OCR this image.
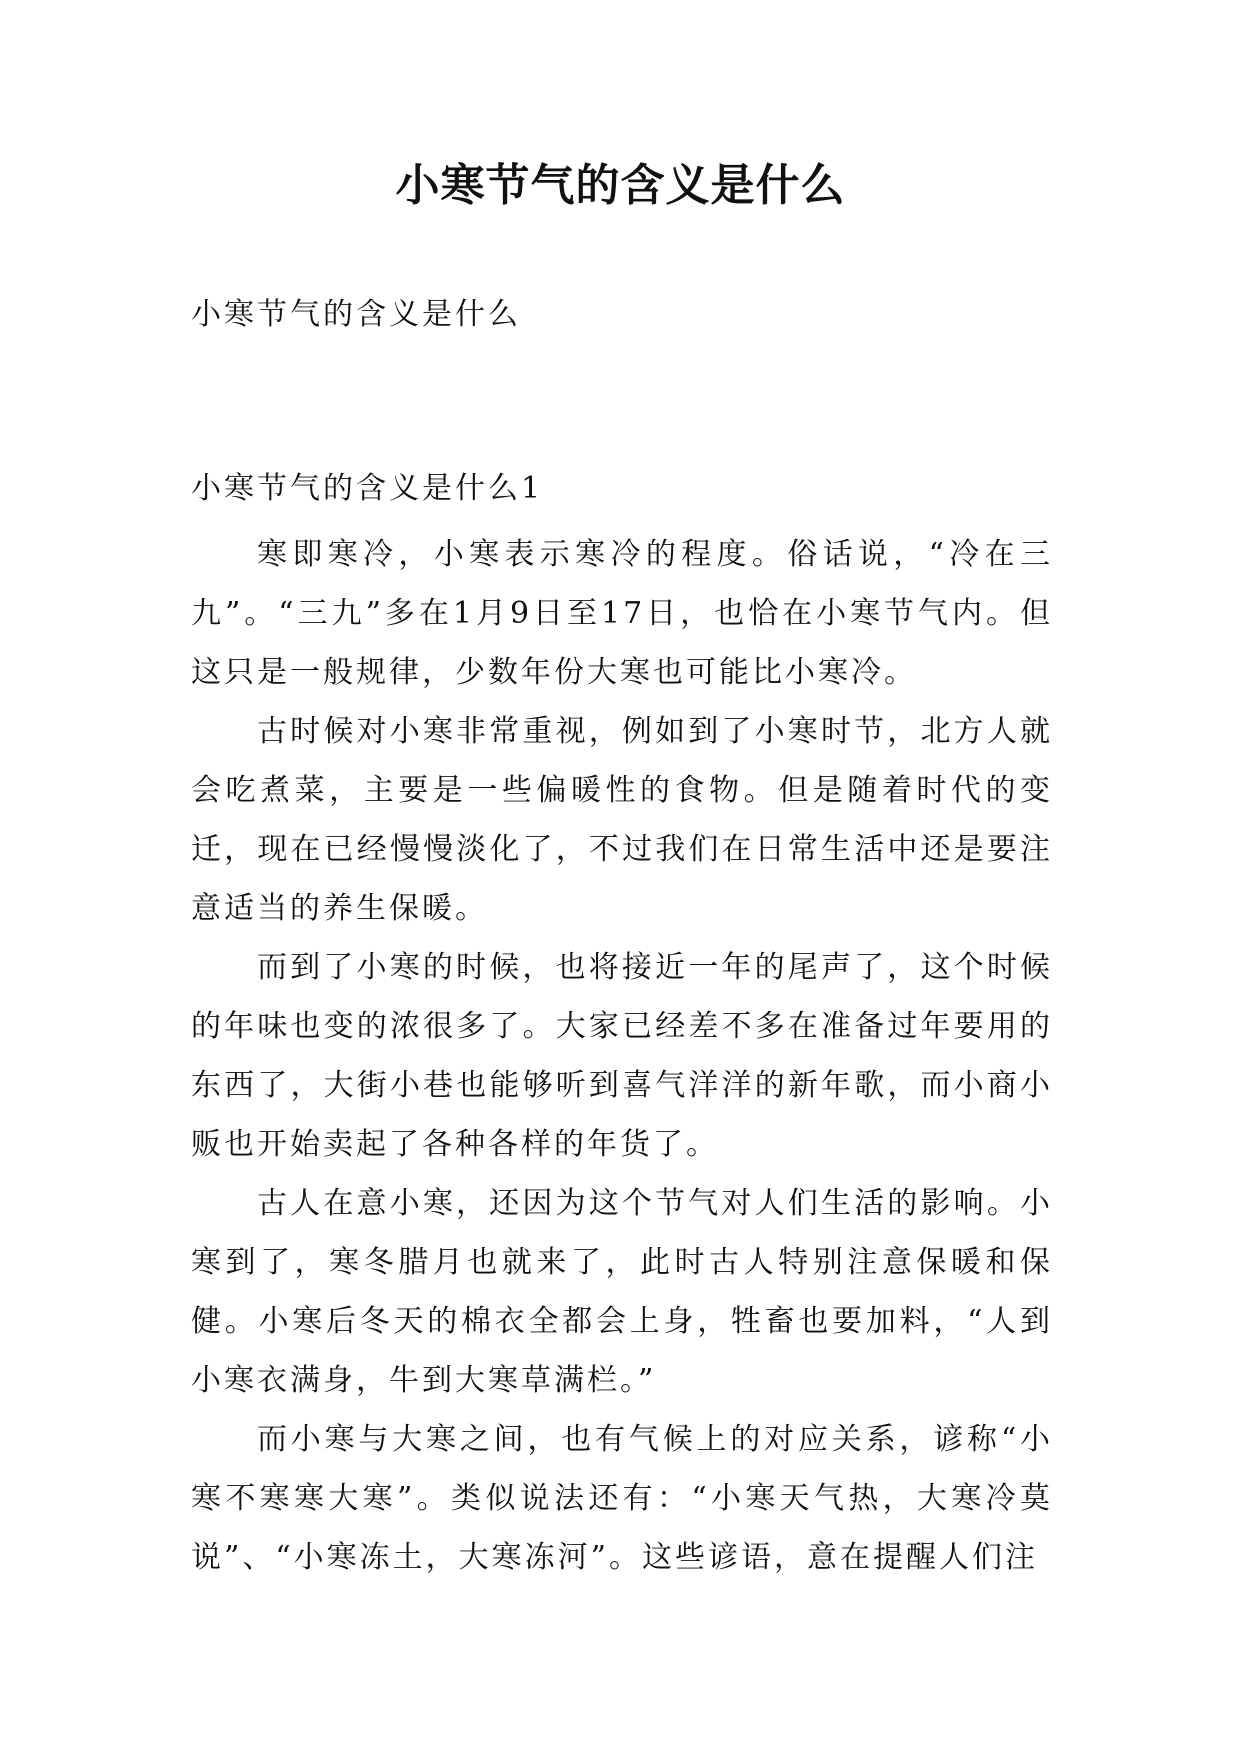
小寒节气的含义是什么

小寒节气的含义是什么

小寒节气的含义是什么1

寒即寒冷，小寒表示寒冷的程度。俗话说，“冷在三九”。“三九”多在1月9日至17日，也恰在小寒节气内。但这只是一般规律，少数年份大寒也可能比小寒冷。

古时候对小寒非常重视，例如到了小寒时节，北方人就会吃煮菜，主要是一些偏暖性的食物。但是随着时代的变迁，现在已经慢慢淡化了，不过我们在日常生活中还是要注意适当的养生保暖。

而到了小寒的时候，也将接近一年的尾声了，这个时候的年味也变的浓很多了。大家已经差不多在准备过年要用的东西了，大街小巷也能够听到喜气洋洋的新年歌，而小商小贩也开始卖起了各种各样的年货了。

古人在意小寒，还因为这个节气对人们生活的影响。小寒到了，寒冬腊月也就来了，此时古人特别注意保暖和保健。小寒后冬天的棉衣全都会上身，牲畜也要加料，“人到小寒衣满身，牛到大寒草满栏。”

而小寒与大寒之间，也有气候上的对应关系，谚称“小寒不寒寒大寒”。类似说法还有：“小寒天气热，大寒冷莫说”、“小寒冻土，大寒冻河”。这些谚语，意在提醒人们注
